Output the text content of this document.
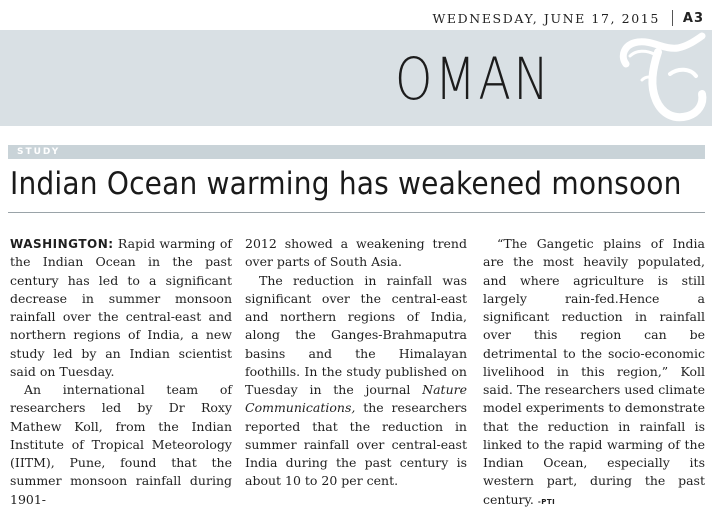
WEDNESDAY, JUNE 17, 2015 A3
OMAN
STUDY
Indian Ocean warming has weakened monsoon

WASHINGTON: Rapid warming of the Indian Ocean in the past century has led to a significant decrease in summer monsoon rainfall over the central-east and northern regions of India, a new study led by an Indian scientist said on Tuesday.

An international team of researchers led by Dr Roxy Mathew Koll, from the Indian Institute of Tropical Meteorology (IITM), Pune, found that the summer monsoon rainfall during 1901-

2012 showed a weakening trend over parts of South Asia.

The reduction in rainfall was significant over the central-east and northern regions of India, along the Ganges-Brahmaputra basins and the Himalayan foothills. In the study published on Tuesday in the journal Nature Communications, the researchers reported that the reduction in summer rainfall over central-east India during the past century is about 10 to 20 per cent.

“The Gangetic plains of India are the most heavily populated, and where agriculture is still largely rain-fed.Hence a significant reduction in rainfall over this region can be detrimental to the socio-economic livelihood in this region,” Koll said. The researchers used climate model experiments to demonstrate that the reduction in rainfall is linked to the rapid warming of the Indian Ocean, especially its western part, during the past century. -PTI
